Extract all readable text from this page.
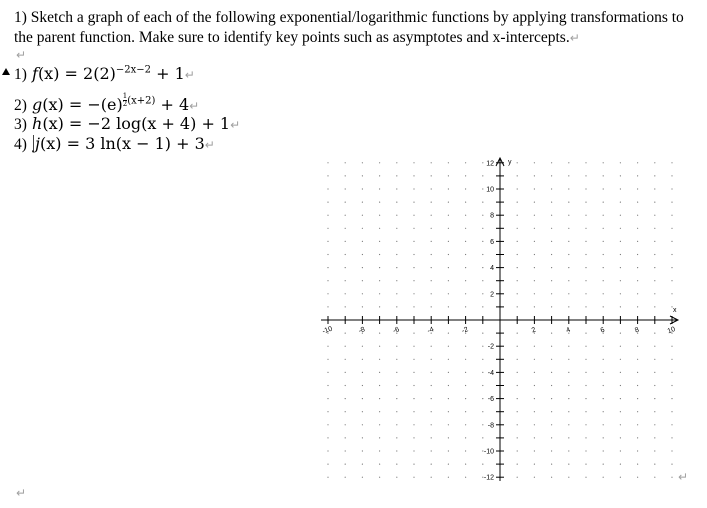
1) Sketch a graph of each of the following exponential/logarithmic functions by applying transformations to the parent function. Make sure to identify key points such as asymptotes and x-intercepts.↵
↵
1) $f(x) = 2(2)^{-2x-2}$ + 1↵
2) $g(x) = -(e) \frac{1}{2} ^{(x+2)}$ + 4↵
3) h(x) = −2 log(x + 4) + 1↵
4) j(x) = 3 ln(x − 1) + 3↵
-10	-8	-6	-4	-2	2	4	6	8	10
12
10
8
6
4
2
-2
-4
-6
-8
-10
-12
x
y
↵
↵
